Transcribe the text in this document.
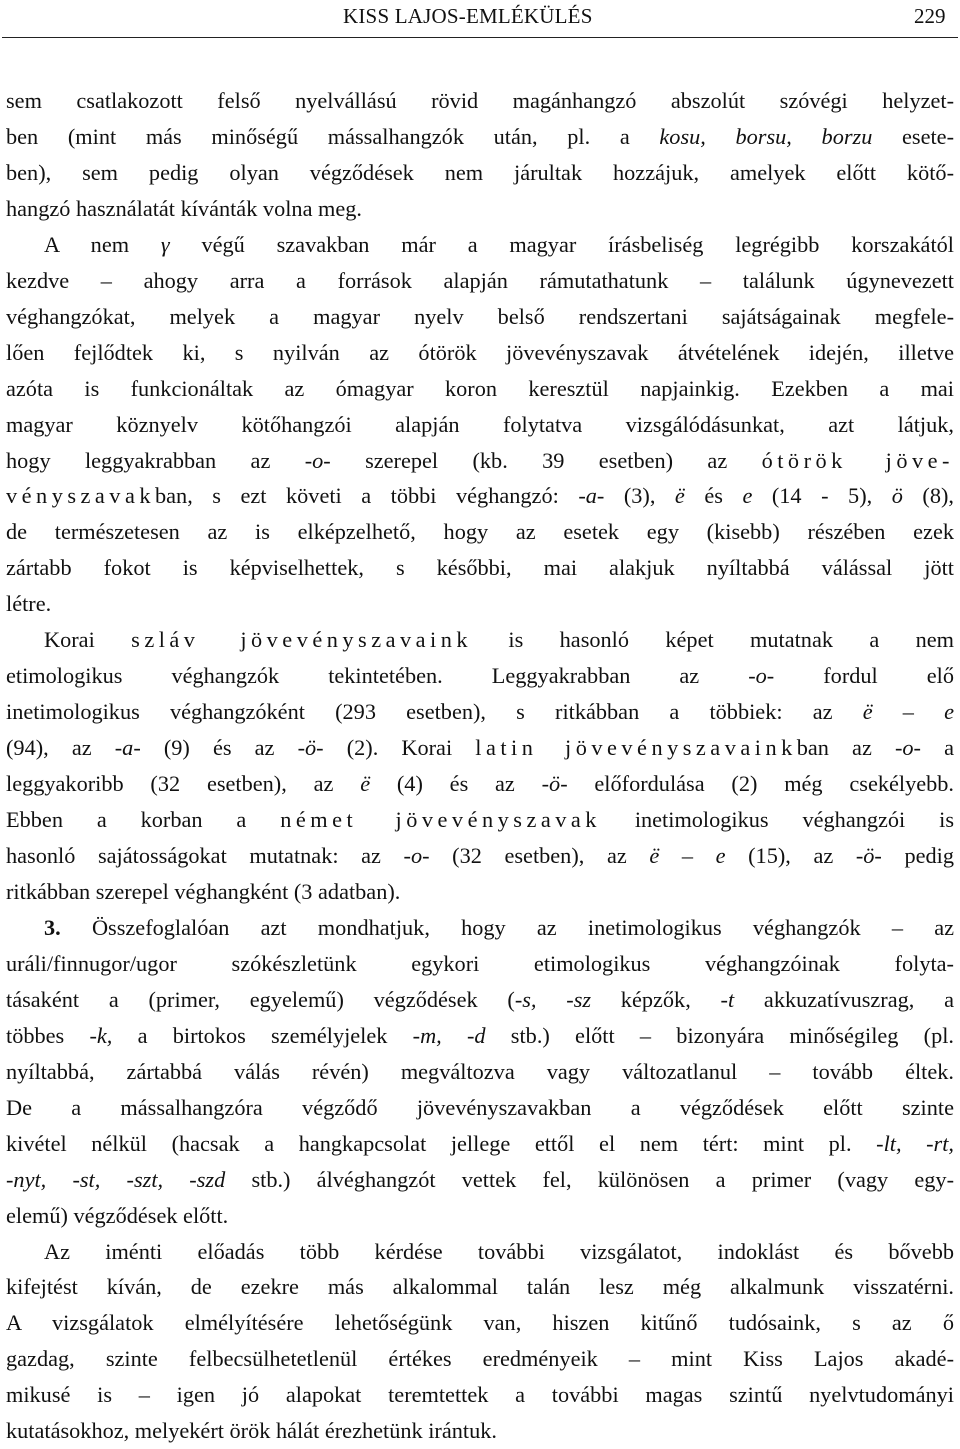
KISS LAJOS-EMLÉKÜLÉS	229
sem csatlakozott felső nyelvállású rövid magánhangzó abszolút szóvégi helyzet-
ben (mint más minőségű mássalhangzók után, pl. a kosu, borsu, borzu esete-
ben), sem pedig olyan végződések nem járultak hozzájuk, amelyek előtt kötő-
hangzó használatát kívánták volna meg.
A nem γ végű szavakban már a magyar írásbeliség legrégibb korszakától
kezdve – ahogy arra a források alapján rámutathatunk – találunk úgynevezett
véghangzókat, melyek a magyar nyelv belső rendszertani sajátságainak megfele-
lően fejlődtek ki, s nyilván az ótörök jövevényszavak átvételének idején, illetve
azóta is funkcionáltak az ómagyar koron keresztül napjainkig. Ezekben a mai
magyar köznyelv kötőhangzói alapján folytatva vizsgálódásunkat, azt látjuk,
hogy leggyakrabban az -o- szerepel (kb. 39 esetben) az ótörök jöve-
vényszavakban, s ezt követi a többi véghangzó: -a- (3), ë és e (14 - 5), ö (8),
de természetesen az is elképzelhető, hogy az esetek egy (kisebb) részében ezek
zártabb fokot is képviselhettek, s későbbi, mai alakjuk nyíltabbá válással jött
létre.
Korai szláv jövevényszavaink is hasonló képet mutatnak a nem
etimologikus véghangzók tekintetében. Leggyakrabban az -o- fordul elő
inetimologikus véghangzóként (293 esetben), s ritkábban a többiek: az ë – e
(94), az -a- (9) és az -ö- (2). Korai latin jövevényszavainkban az -o- a
leggyakoribb (32 esetben), az ë (4) és az -ö- előfordulása (2) még csekélyebb.
Ebben a korban a német jövevényszavak inetimologikus véghangzói is
hasonló sajátosságokat mutatnak: az -o- (32 esetben), az ë – e (15), az -ö- pedig
ritkábban szerepel véghangként (3 adatban).
3. Összefoglalóan azt mondhatjuk, hogy az inetimologikus véghangzók – az
uráli/finnugor/ugor szókészletünk egykori etimologikus véghangzóinak folyta-
tásaként a (primer, egyelemű) végződések (-s, -sz képzők, -t akkuzatívuszrag, a
többes -k, a birtokos személyjelek -m, -d stb.) előtt – bizonyára minőségileg (pl.
nyíltabbá, zártabbá válás révén) megváltozva vagy változatlanul – tovább éltek.
De a mássalhangzóra végződő jövevényszavakban a végződések előtt szinte
kivétel nélkül (hacsak a hangkapcsolat jellege ettől el nem tért: mint pl. -lt, -rt,
-nyt, -st, -szt, -szd stb.) álvéghangzót vettek fel, különösen a primer (vagy egy-
elemű) végződések előtt.
Az iménti előadás több kérdése további vizsgálatot, indoklást és bővebb
kifejtést kíván, de ezekre más alkalommal talán lesz még alkalmunk visszatérni.
A vizsgálatok elmélyítésére lehetőségünk van, hiszen kitűnő tudósaink, s az ő
gazdag, szinte felbecsülhetetlenül értékes eredményeik – mint Kiss Lajos akadé-
mikusé is – igen jó alapokat teremtettek a további magas szintű nyelvtudományi
kutatásokhoz, melyekért örök hálát érezhetünk irántuk.
